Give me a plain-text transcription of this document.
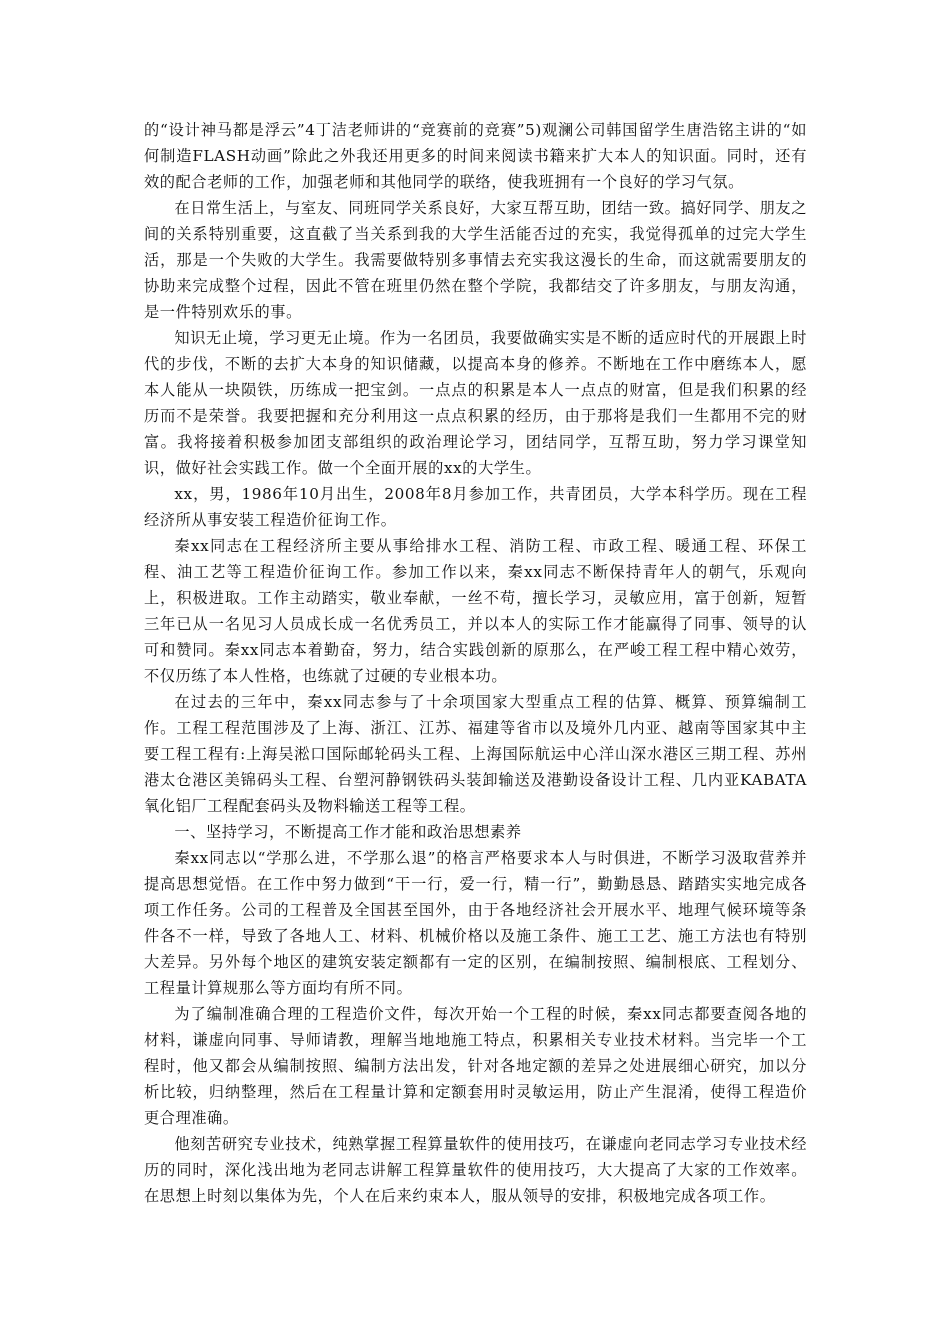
的“设计神马都是浮云”4丁洁老师讲的“竞赛前的竞赛”5)观澜公司韩国留学生唐浩铭主讲的“如何制造FLASH动画”除此之外我还用更多的时间来阅读书籍来扩大本人的知识面。同时，还有效的配合老师的工作，加强老师和其他同学的联络，使我班拥有一个良好的学习气氛。

在日常生活上，与室友、同班同学关系良好，大家互帮互助，团结一致。搞好同学、朋友之间的关系特别重要，这直截了当关系到我的大学生活能否过的充实，我觉得孤单的过完大学生活，那是一个失败的大学生。我需要做特别多事情去充实我这漫长的生命，而这就需要朋友的协助来完成整个过程，因此不管在班里仍然在整个学院，我都结交了许多朋友，与朋友沟通，是一件特别欢乐的事。

知识无止境，学习更无止境。作为一名团员，我要做确实实是不断的适应时代的开展跟上时代的步伐，不断的去扩大本身的知识储藏，以提高本身的修养。不断地在工作中磨练本人，愿本人能从一块陨铁，历练成一把宝剑。一点点的积累是本人一点点的财富，但是我们积累的经历而不是荣誉。我要把握和充分利用这一点点积累的经历，由于那将是我们一生都用不完的财富。我将接着积极参加团支部组织的政治理论学习，团结同学，互帮互助，努力学习课堂知识，做好社会实践工作。做一个全面开展的xx的大学生。

xx，男，1986年10月出生，2008年8月参加工作，共青团员，大学本科学历。现在工程经济所从事安装工程造价征询工作。

秦xx同志在工程经济所主要从事给排水工程、消防工程、市政工程、暖通工程、环保工程、油工艺等工程造价征询工作。参加工作以来，秦xx同志不断保持青年人的朝气，乐观向上，积极进取。工作主动踏实，敬业奉献，一丝不苟，擅长学习，灵敏应用，富于创新，短暂三年已从一名见习人员成长成一名优秀员工，并以本人的实际工作才能赢得了同事、领导的认可和赞同。秦xx同志本着勤奋，努力，结合实践创新的原那么，在严峻工程工程中精心效劳，不仅历练了本人性格，也练就了过硬的专业根本功。

在过去的三年中，秦xx同志参与了十余项国家大型重点工程的估算、概算、预算编制工作。工程工程范围涉及了上海、浙江、江苏、福建等省市以及境外几内亚、越南等国家其中主要工程工程有:上海吴淞口国际邮轮码头工程、上海国际航运中心洋山深水港区三期工程、苏州港太仓港区美锦码头工程、台塑河静钢铁码头装卸输送及港勤设备设计工程、几内亚KABATA氧化铝厂工程配套码头及物料输送工程等工程。

一、坚持学习，不断提高工作才能和政治思想素养

秦xx同志以“学那么进，不学那么退”的格言严格要求本人与时俱进，不断学习汲取营养并提高思想觉悟。在工作中努力做到“干一行，爱一行，精一行”，勤勤恳恳、踏踏实实地完成各项工作任务。公司的工程普及全国甚至国外，由于各地经济社会开展水平、地理气候环境等条件各不一样，导致了各地人工、材料、机械价格以及施工条件、施工工艺、施工方法也有特别大差异。另外每个地区的建筑安装定额都有一定的区别，在编制按照、编制根底、工程划分、工程量计算规那么等方面均有所不同。

为了编制准确合理的工程造价文件，每次开始一个工程的时候，秦xx同志都要查阅各地的材料，谦虚向同事、导师请教，理解当地地施工特点，积累相关专业技术材料。当完毕一个工程时，他又都会从编制按照、编制方法出发，针对各地定额的差异之处进展细心研究，加以分析比较，归纳整理，然后在工程量计算和定额套用时灵敏运用，防止产生混淆，使得工程造价更合理准确。

他刻苦研究专业技术，纯熟掌握工程算量软件的使用技巧，在谦虚向老同志学习专业技术经历的同时，深化浅出地为老同志讲解工程算量软件的使用技巧，大大提高了大家的工作效率。在思想上时刻以集体为先，个人在后来约束本人，服从领导的安排，积极地完成各项工作。
